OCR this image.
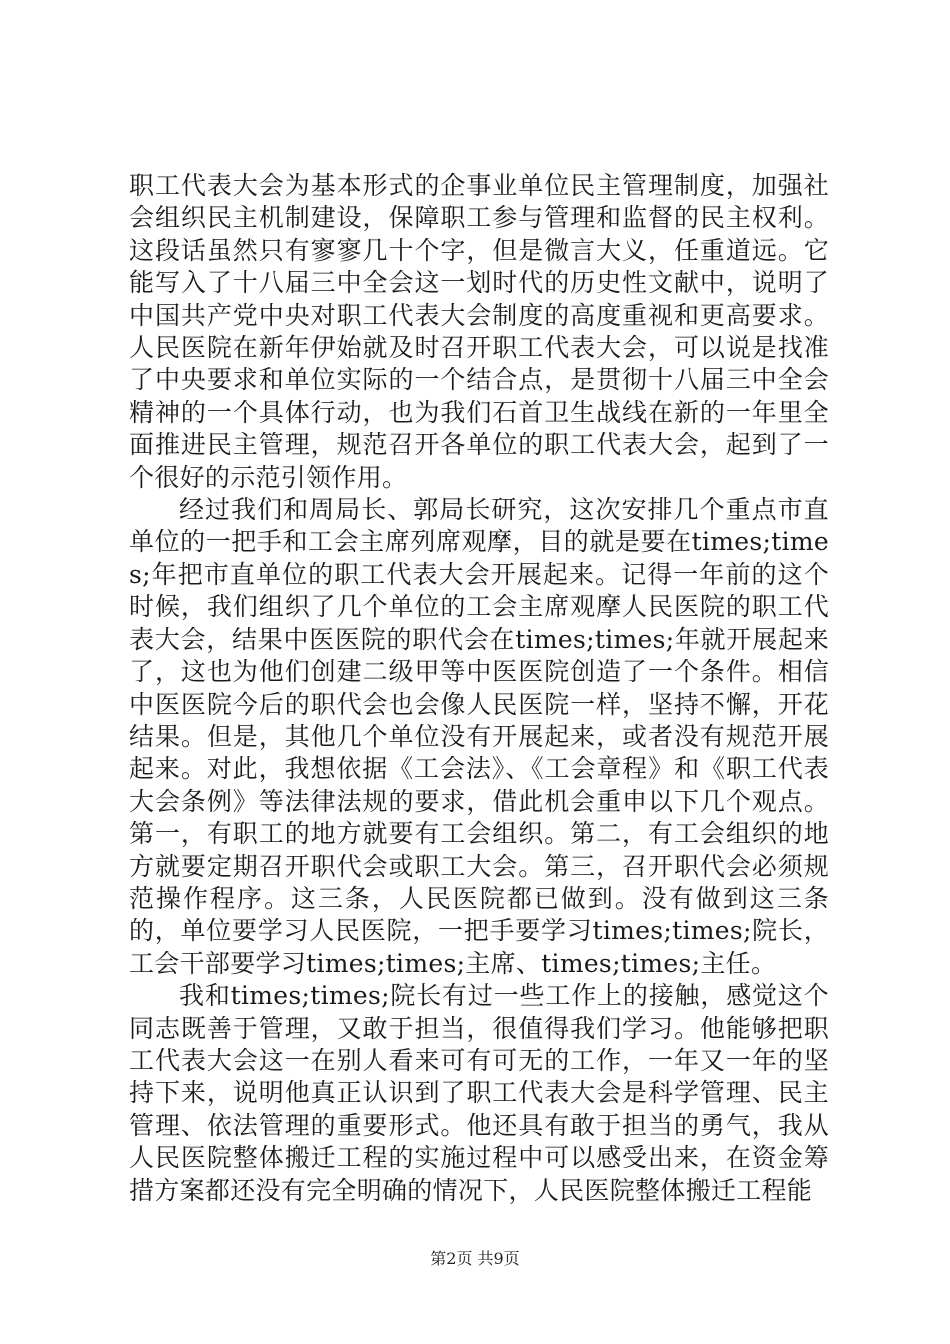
职工代表大会为基本形式的企事业单位民主管理制度，加强社会组织民主机制建设，保障职工参与管理和监督的民主权利。这段话虽然只有寥寥几十个字，但是微言大义，任重道远。它能写入了十八届三中全会这一划时代的历史性文献中，说明了中国共产党中央对职工代表大会制度的高度重视和更高要求。人民医院在新年伊始就及时召开职工代表大会，可以说是找准了中央要求和单位实际的一个结合点，是贯彻十八届三中全会精神的一个具体行动，也为我们石首卫生战线在新的一年里全面推进民主管理，规范召开各单位的职工代表大会，起到了一个很好的示范引领作用。

经过我们和周局长、郭局长研究，这次安排几个重点市直单位的一把手和工会主席列席观摩，目的就是要在times;times;年把市直单位的职工代表大会开展起来。记得一年前的这个时候，我们组织了几个单位的工会主席观摩人民医院的职工代表大会，结果中医医院的职代会在times;times;年就开展起来了，这也为他们创建二级甲等中医医院创造了一个条件。相信中医医院今后的职代会也会像人民医院一样，坚持不懈，开花结果。但是，其他几个单位没有开展起来，或者没有规范开展起来。对此，我想依据《工会法》、《工会章程》和《职工代表大会条例》等法律法规的要求，借此机会重申以下几个观点。第一，有职工的地方就要有工会组织。第二，有工会组织的地方就要定期召开职代会或职工大会。第三，召开职代会必须规范操作程序。这三条，人民医院都已做到。没有做到这三条的，单位要学习人民医院，一把手要学习times;times;院长，工会干部要学习times;times;主席、times;times;主任。

我和times;times;院长有过一些工作上的接触，感觉这个同志既善于管理，又敢于担当，很值得我们学习。他能够把职工代表大会这一在别人看来可有可无的工作，一年又一年的坚持下来，说明他真正认识到了职工代表大会是科学管理、民主管理、依法管理的重要形式。他还具有敢于担当的勇气，我从人民医院整体搬迁工程的实施过程中可以感受出来，在资金筹措方案都还没有完全明确的情况下，人民医院整体搬迁工程能

第2页 共9页
